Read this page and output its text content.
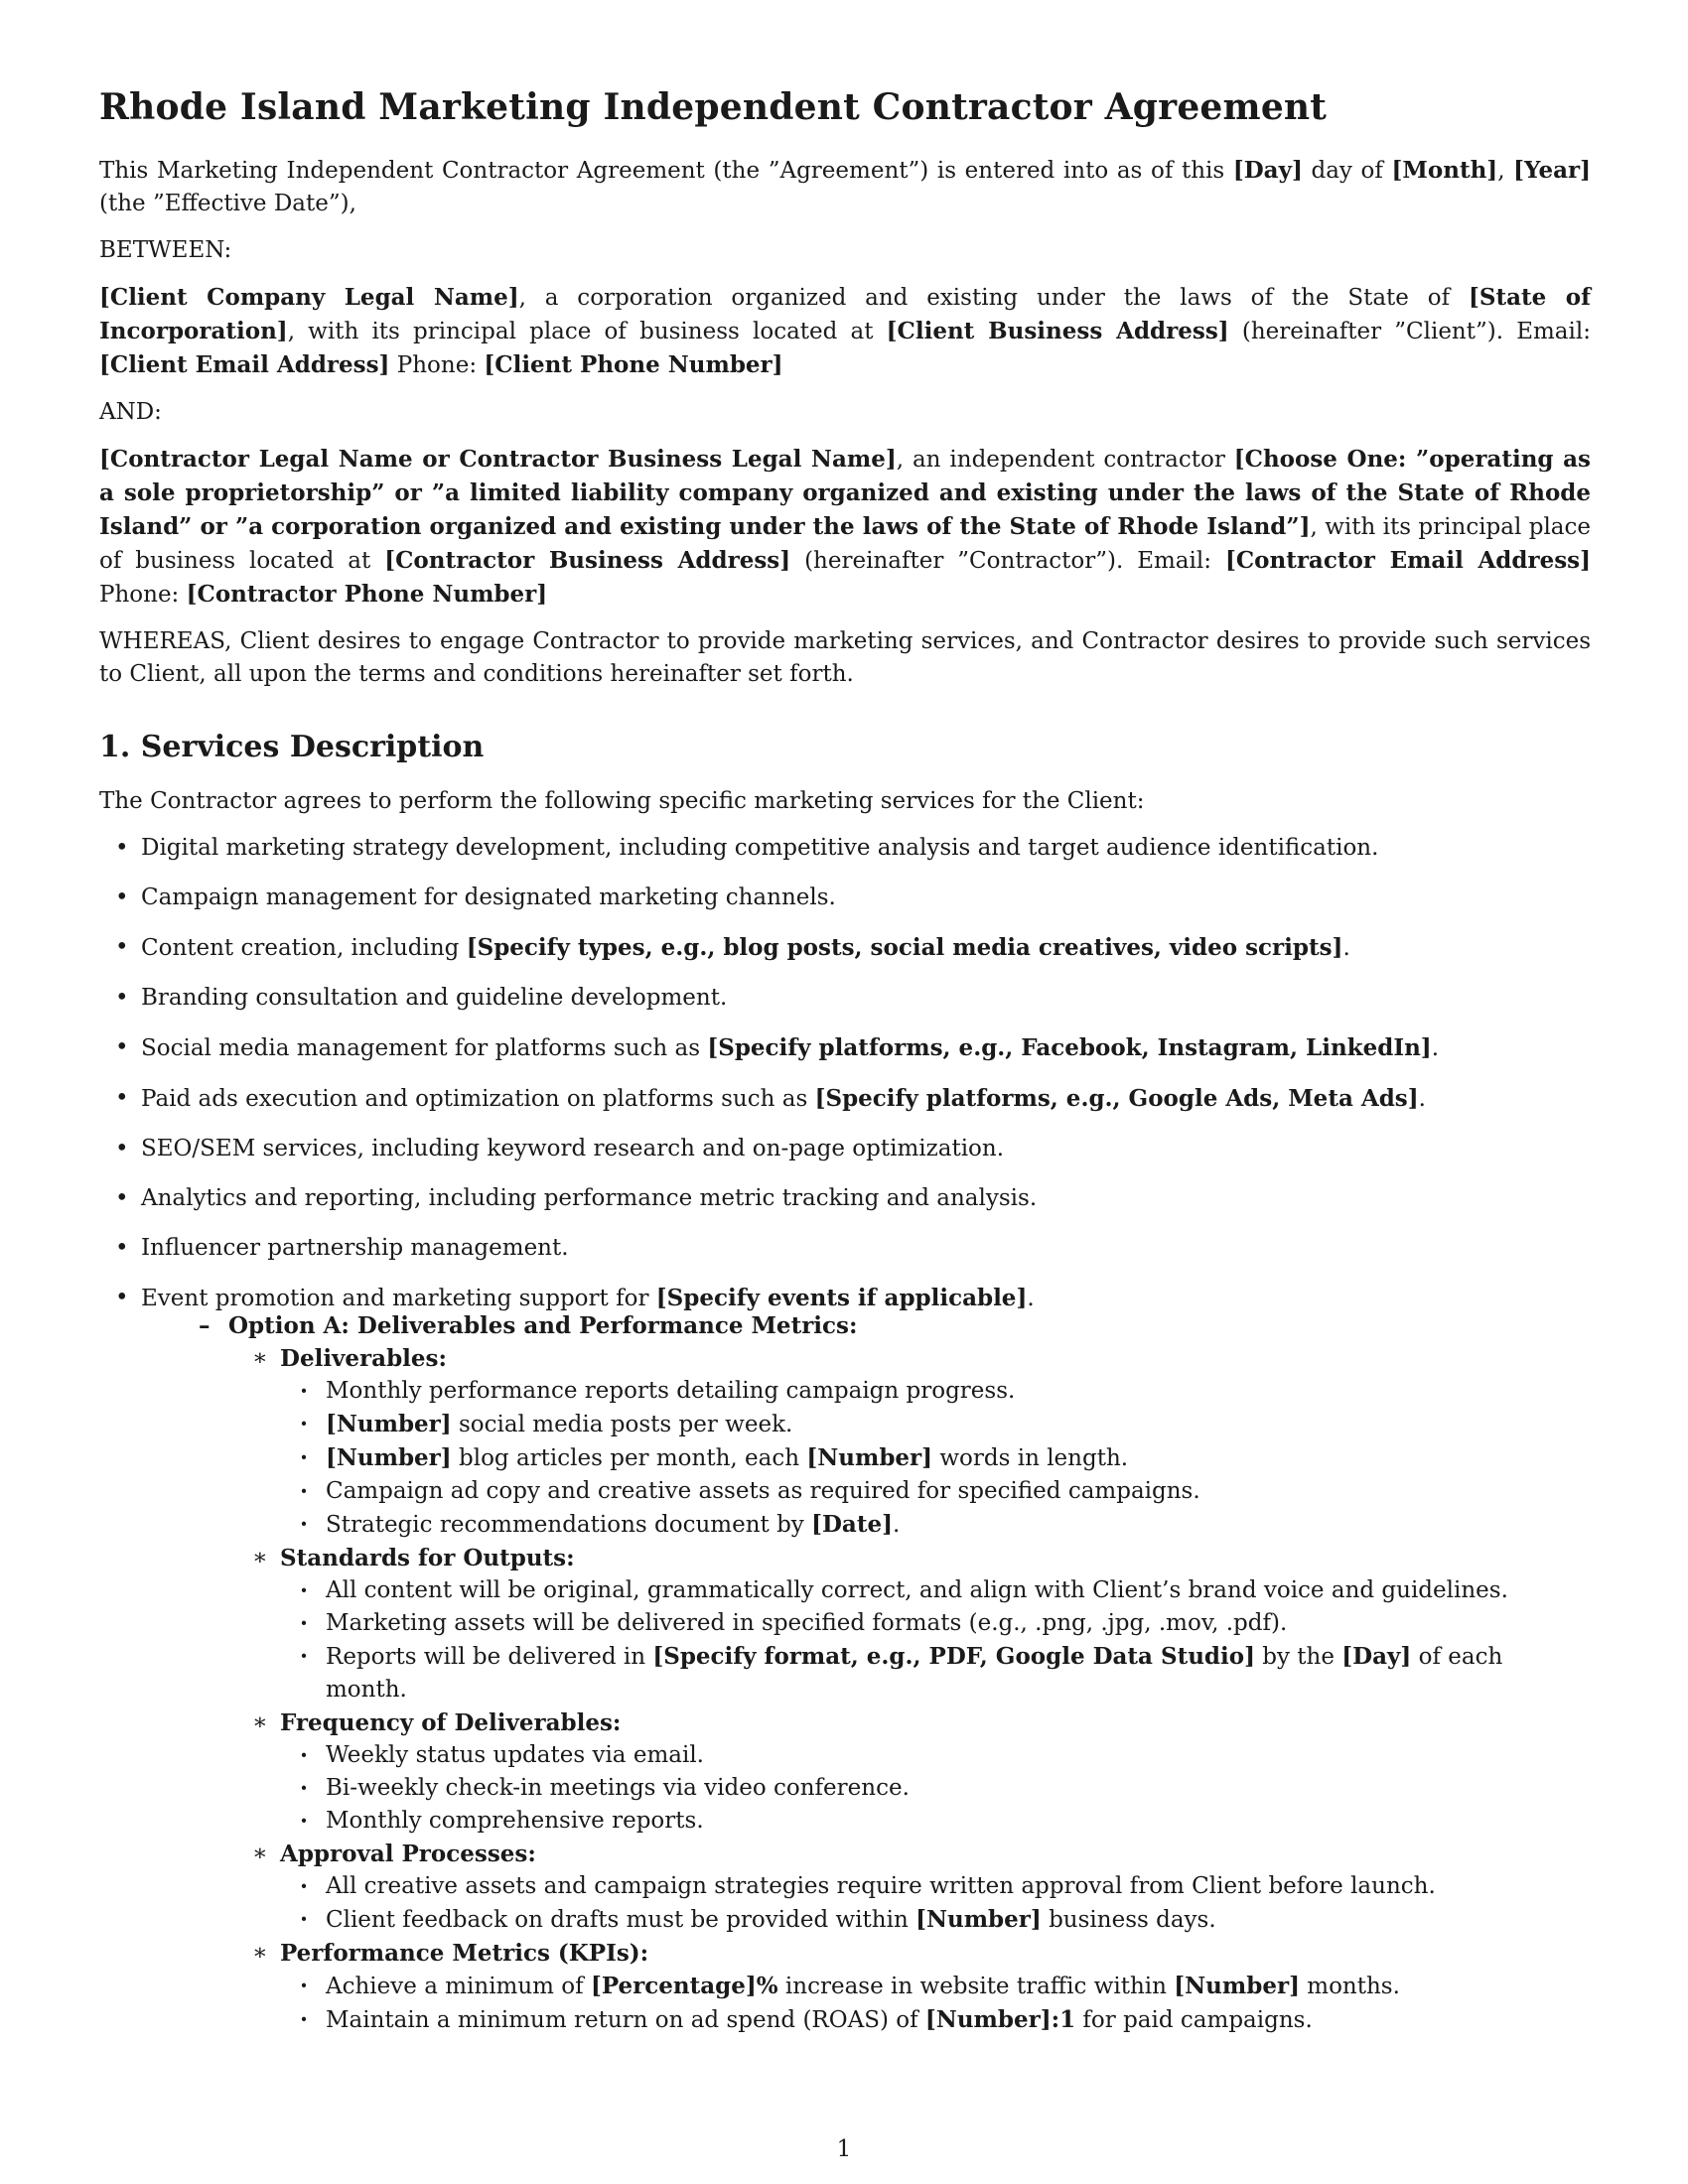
Rhode Island Marketing Independent Contractor Agreement

This Marketing Independent Contractor Agreement (the ”Agreement”) is entered into as of this [Day] day of [Month], [Year] (the ”Effective Date”),

BETWEEN:

[Client Company Legal Name], a corporation organized and existing under the laws of the State of [State of Incorporation], with its principal place of business located at [Client Business Address] (hereinafter ”Client”). Email: [Client Email Address] Phone: [Client Phone Number]

AND:

[Contractor Legal Name or Contractor Business Legal Name], an independent contractor [Choose One: ”operating as a sole proprietorship” or ”a limited liability company organized and existing under the laws of the State of Rhode Island” or ”a corporation organized and existing under the laws of the State of Rhode Island”], with its principal place of business located at [Contractor Business Address] (hereinafter ”Contractor”). Email: [Contractor Email Address] Phone: [Contractor Phone Number]

WHEREAS, Client desires to engage Contractor to provide marketing services, and Contractor desires to provide such services to Client, all upon the terms and conditions hereinafter set forth.

1. Services Description

The Contractor agrees to perform the following specific marketing services for the Client:

• Digital marketing strategy development, including competitive analysis and target audience identification.
• Campaign management for designated marketing channels.
• Content creation, including [Specify types, e.g., blog posts, social media creatives, video scripts].
• Branding consultation and guideline development.
• Social media management for platforms such as [Specify platforms, e.g., Facebook, Instagram, LinkedIn].
• Paid ads execution and optimization on platforms such as [Specify platforms, e.g., Google Ads, Meta Ads].
• SEO/SEM services, including keyword research and on-page optimization.
• Analytics and reporting, including performance metric tracking and analysis.
• Influencer partnership management.
• Event promotion and marketing support for [Specify events if applicable].
– Option A: Deliverables and Performance Metrics:
∗ Deliverables:
· Monthly performance reports detailing campaign progress.
· [Number] social media posts per week.
· [Number] blog articles per month, each [Number] words in length.
· Campaign ad copy and creative assets as required for specified campaigns.
· Strategic recommendations document by [Date].
∗ Standards for Outputs:
· All content will be original, grammatically correct, and align with Client’s brand voice and guidelines.
· Marketing assets will be delivered in specified formats (e.g., .png, .jpg, .mov, .pdf).
· Reports will be delivered in [Specify format, e.g., PDF, Google Data Studio] by the [Day] of each month.
∗ Frequency of Deliverables:
· Weekly status updates via email.
· Bi-weekly check-in meetings via video conference.
· Monthly comprehensive reports.
∗ Approval Processes:
· All creative assets and campaign strategies require written approval from Client before launch.
· Client feedback on drafts must be provided within [Number] business days.
∗ Performance Metrics (KPIs):
· Achieve a minimum of [Percentage]% increase in website traffic within [Number] months.
· Maintain a minimum return on ad spend (ROAS) of [Number]:1 for paid campaigns.
1
